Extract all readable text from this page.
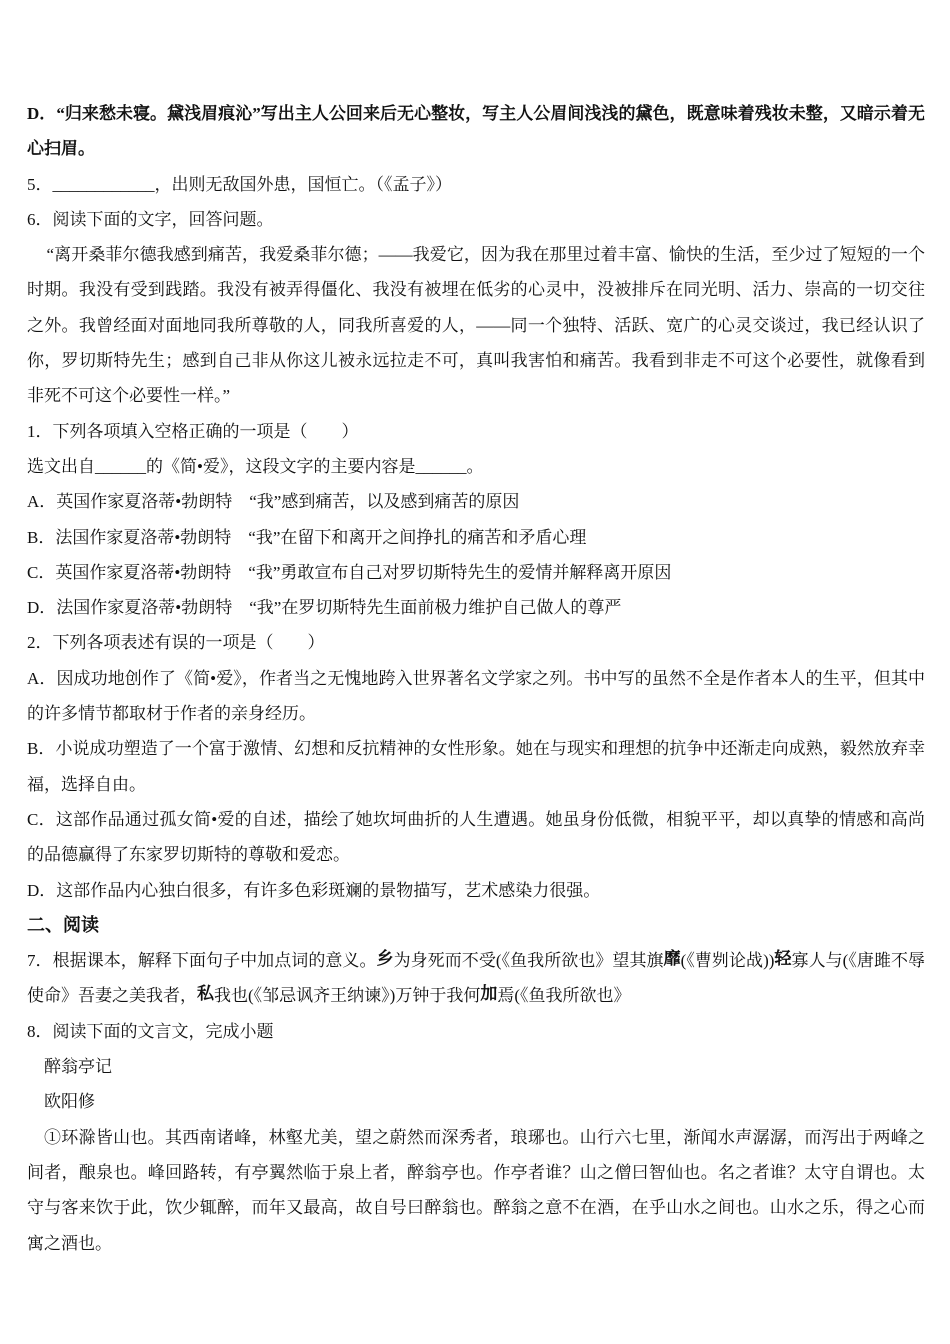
D．“归来愁未寝。黛浅眉痕沁”写出主人公回来后无心整妆，写主人公眉间浅浅的黛色，既意味着残妆未整，又暗示着无心扫眉。

5．____________，出则无敌国外患，国恒亡。（《孟子》）

6．阅读下面的文字，回答问题。

“离开桑菲尔德我感到痛苦，我爱桑菲尔德；——我爱它，因为我在那里过着丰富、愉快的生活，至少过了短短的一个时期。我没有受到践踏。我没有被弄得僵化、我没有被埋在低劣的心灵中，没被排斥在同光明、活力、崇高的一切交往之外。我曾经面对面地同我所尊敬的人，同我所喜爱的人，——同一个独特、活跃、宽广的心灵交谈过，我已经认识了你，罗切斯特先生；感到自己非从你这儿被永远拉走不可，真叫我害怕和痛苦。我看到非走不可这个必要性，就像看到非死不可这个必要性一样。”

1．下列各项填入空格正确的一项是（　　）

选文出自______的《简•爱》，这段文字的主要内容是______。

A．英国作家夏洛蒂•勃朗特　“我”感到痛苦，以及感到痛苦的原因

B．法国作家夏洛蒂•勃朗特　“我”在留下和离开之间挣扎的痛苦和矛盾心理

C．英国作家夏洛蒂•勃朗特　“我”勇敢宣布自己对罗切斯特先生的爱情并解释离开原因

D．法国作家夏洛蒂•勃朗特　“我”在罗切斯特先生面前极力维护自己做人的尊严

2．下列各项表述有误的一项是（　　）

A．因成功地创作了《简•爱》，作者当之无愧地跨入世界著名文学家之列。书中写的虽然不全是作者本人的生平，但其中的许多情节都取材于作者的亲身经历。

B．小说成功塑造了一个富于激情、幻想和反抗精神的女性形象。她在与现实和理想的抗争中还渐走向成熟，毅然放弃幸福，选择自由。

C．这部作品通过孤女简•爱的自述，描绘了她坎坷曲折的人生遭遇。她虽身份低微，相貌平平，却以真挚的情感和高尚的品德赢得了东家罗切斯特的尊敬和爱恋。

D．这部作品内心独白很多，有许多色彩斑斓的景物描写，艺术感染力很强。

二、阅读

7．根据课本，解释下面句子中加点词的意义。乡为身死而不受(《鱼我所欲也》望其旗靡(《曹刿论战))轻寡人与(《唐雎不辱使命》吾妻之美我者，私我也(《邹忌讽齐王纳谏》)万钟于我何加焉(《鱼我所欲也》

8．阅读下面的文言文，完成小题

醉翁亭记

欧阳修

①环滁皆山也。其西南诸峰，林壑尤美，望之蔚然而深秀者，琅琊也。山行六七里，渐闻水声潺潺，而泻出于两峰之间者，酿泉也。峰回路转，有亭翼然临于泉上者，醉翁亭也。作亭者谁？山之僧曰智仙也。名之者谁？太守自谓也。太守与客来饮于此，饮少辄醉，而年又最高，故自号曰醉翁也。醉翁之意不在酒，在乎山水之间也。山水之乐，得之心而寓之酒也。
